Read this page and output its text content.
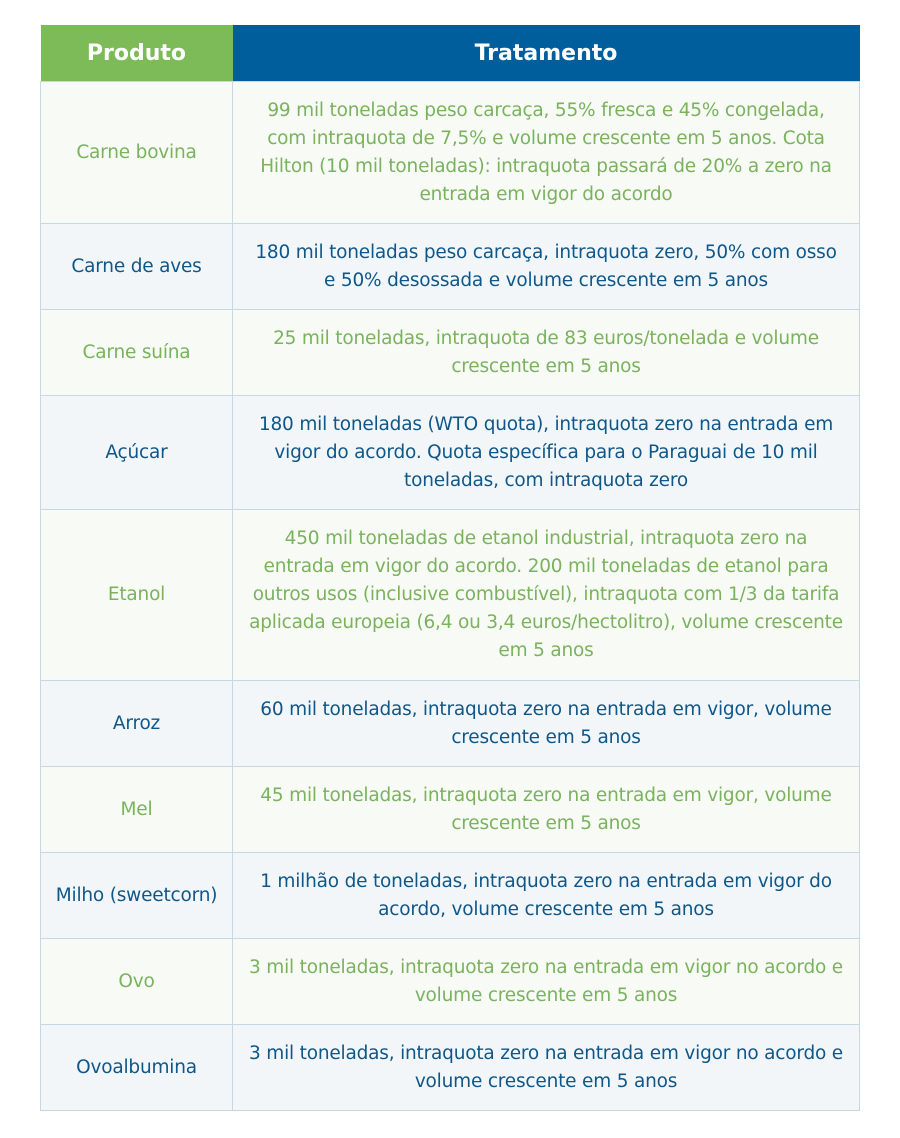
Produto	Tratamento
Carne bovina	99 mil toneladas peso carcaça, 55% fresca e 45% congelada, com intraquota de 7,5% e volume crescente em 5 anos. Cota Hilton (10 mil toneladas): intraquota passará de 20% a zero na entrada em vigor do acordo
Carne de aves	180 mil toneladas peso carcaça, intraquota zero, 50% com osso e 50% desossada e volume crescente em 5 anos
Carne suína	25 mil toneladas, intraquota de 83 euros/tonelada e volume crescente em 5 anos
Açúcar	180 mil toneladas (WTO quota), intraquota zero na entrada em vigor do acordo. Quota específica para o Paraguai de 10 mil toneladas, com intraquota zero
Etanol	450 mil toneladas de etanol industrial, intraquota zero na entrada em vigor do acordo. 200 mil toneladas de etanol para outros usos (inclusive combustível), intraquota com 1/3 da tarifa aplicada europeia (6,4 ou 3,4 euros/hectolitro), volume crescente em 5 anos
Arroz	60 mil toneladas, intraquota zero na entrada em vigor, volume crescente em 5 anos
Mel	45 mil toneladas, intraquota zero na entrada em vigor, volume crescente em 5 anos
Milho (sweetcorn)	1 milhão de toneladas, intraquota zero na entrada em vigor do acordo, volume crescente em 5 anos
Ovo	3 mil toneladas, intraquota zero na entrada em vigor no acordo e volume crescente em 5 anos
Ovoalbumina	3 mil toneladas, intraquota zero na entrada em vigor no acordo e volume crescente em 5 anos
